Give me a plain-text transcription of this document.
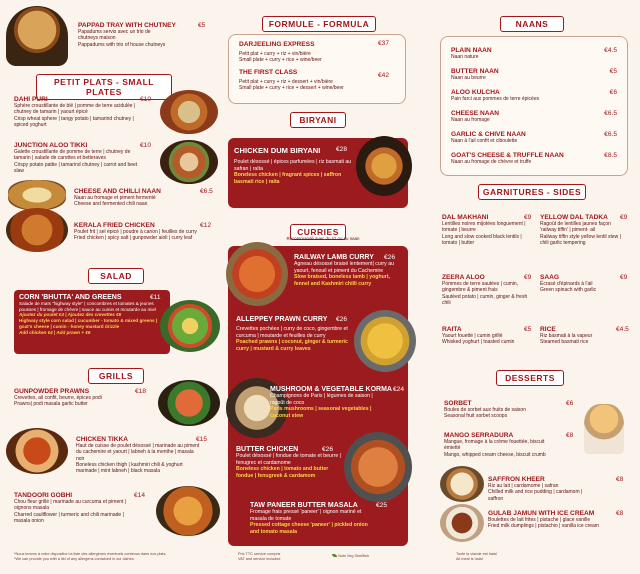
PAPPAD TRAY WITH CHUTNEY
Papadums servis avec un trio de chutneys maison
Pappadums with trio of house chutneys
€5
PETIT PLATS - SMALL PLATES
DAHI PURI
Sphère croustillante de blé | pomme de terre acidulée | chutney de tamarin | yaourt épicé
Crisp wheat sphere | tangy potato | tamarind chutney | spiced yoghurt
€10
JUNCTION ALOO TIKKI
Galette croustillante de pomme de terre | chutney de tamarin | salade de carottes et betteraves
Crispy potato pattie | tamarind chutney | carrot and beet slaw
€10
CHEESE AND CHILLI NAAN
Naan au fromage et piment fermenté
Cheese and fermented chili naan
€6.5
KERALA FRIED CHICKEN
Poulet frit | sel épicé | poudre à canon | feuilles de curry
Fried chicken | spicy salt | gunpowder aioli | curry leaf
€12
SALAD
CORN 'BHUTTA' AND GREENS
Salade de maïs "highway style" | concombres et tomates & jeunes pousses | fromage de chèvre | sauce au cumin et moutarde au miel
Ajoutez du poulet €4 | Ajoutez des crevettes €6
Highway style corn salad | cucumber - tomato & mixed greens | goat's cheese | cumin - honey mustard drizzle
Add chicken €4 | Add prawn + €6
€11
GRILLS
GUNPOWDER PRAWNS
Crevettes, ail confit, beurre, épices podi
Prawns| podi masala garlic butter
€18
CHICKEN TIKKA
Haut de cuisse de poulet désossé | marinade au piment du cachemire et yaourt | labneh à la menthe | masala noir
Boneless chicken thigh | kashmiri chili & yoghurt marinade | mint labneh | black masala
€15
TANDOORI GOBHI
Chou fleur grillé | marinade au curcuma et piment | oignons masala
Charred cauliflower | turmeric and chili marinade | masala onion
€14
*Nous tenons à votre disposition la liste des allergènes éventuels contenus dans nos plats.
*We can provide you with a list of any allergens contained in our dishes.
FORMULE - FORMULA
DARJEELING EXPRESS
Petit plat + curry + riz + vin/bière
Small plate + curry + rice + wine/beer
THE FIRST CLASS
Petit plat + curry + riz + dessert + vin/bière
Small plate + curry + rice + dessert + wine/beer
€37
€42
BIRYANI
CHICKEN DUM BIRYANI
Poulet désossé | épices parfumées | riz basmati au safran | raïta
Boneless chicken | fragrant spices | saffron basmati rice | raita
€28
CURRIES
Recommandé avec du riz ou du naan
RAILWAY LAMB CURRY
Agneau désossé braisé lentement| curry au yaourt, fenouil et piment du Cachemire
Slow braised, boneless lamb | yoghurt, fennel and Kashmiri chilli curry
€26
ALLEPPEY PRAWN CURRY
Crevettes pochées | curry de coco, gingembre et curcuma | moutarde et feuilles de curry
Poached prawns | coconut, ginger & turmeric curry | mustard & curry leaves
€26
MUSHROOM & VEGETABLE KORMA
Champignons de Paris | légumes de saison | ragoût de coco
Paris mushrooms | seasonal vegetables | coconut stew
€24
BUTTER CHICKEN
Poulet désossé | fondue de tomate et beurre | fenugrec et cardamome
Boneless chicken | tomato and butter fondue | fenugreek & cardamom
€26
TAW PANEER BUTTER MASALA
Fromage frais pressé 'paneer' | oignon mariné et masala de tomate
Pressed cottage cheese 'paneer' | pickled onion and tomato masala
€25
Prix TTC service compris
VAT and service included
Nuts Veg Shellfish
NAANS
PLAIN NAAN
Naan nature
€4.5
BUTTER NAAN
Naan au beurre
€5
ALOO KULCHA
Pain farci aux pommes de terre épicées
€6
CHEESE NAAN
Naan au fromage
€6.5
GARLIC & CHIVE NAAN
Naan à l'ail confit et ciboulette
€6.5
GOAT'S CHEESE & TRUFFLE NAAN
Naan au fromage de chèvre et truffe
€8.5
GARNITURES - SIDES
DAL MAKHANI
Lentilles noires mijotées longuement | tomate | beurre
Long and slow cooked black lentils | tomato | butter
€9 YELLOW DAL TADKA
Ragoût de lentilles jaunes façon 'railway tiffin' | piment- ail
Railway tiffin style yellow lentil stew | chili garlic tempering
€9
ZEERA ALOO
Pommes de terre sautées | cumin, gingembre & piment frais
Sautéed potato | cumin, ginger & fresh chili
€9 SAAG
Écrasé d'épinards à l'ail
Green spinach with garlic
€9
RAITA
Yaourt fouetté | cumin grillé
Whisked yoghurt | toasted cumin
€5 RICE
Riz basmati à la vapeur
Steamed basmati rice
€4.5
DESSERTS
SORBET
Boules de sorbet aux fruits de saison
Seasonal fruit sorbet scoops
€6
MANGO SERRADURA
Mangue, fromage à la crème fouettée, biscuit émietté
Mango, whipped cream cheese, biscuit crumb
€8
SAFFRON KHEER
Riz au lait | cardamome | safran
Chilled milk and rice pudding | cardamom | saffron
€8
GULAB JAMUN WITH ICE CREAM
Boulettes de lait frites | pistache | glace vanille
Fried milk dumplings | pistachio | vanilla ice cream
€8
Toute la viande est halal
All meat is halal
